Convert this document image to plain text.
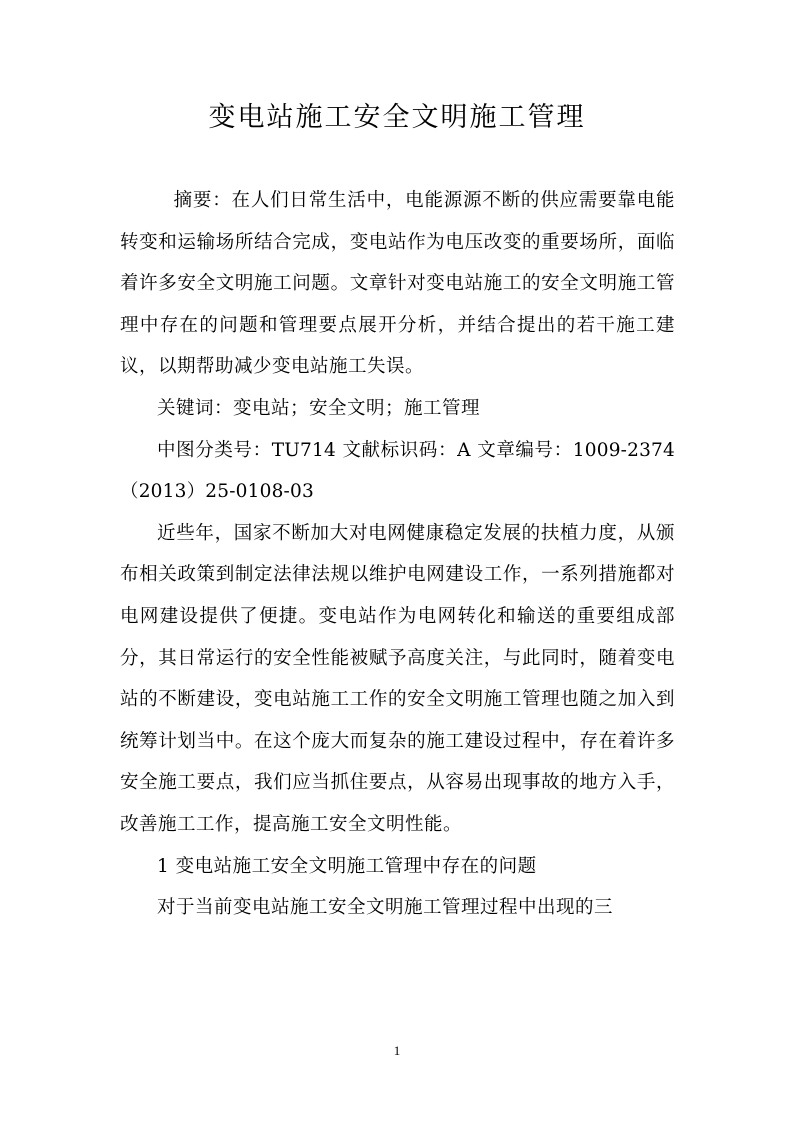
变电站施工安全文明施工管理

摘要：在人们日常生活中，电能源源不断的供应需要靠电能转变和运输场所结合完成，变电站作为电压改变的重要场所，面临着许多安全文明施工问题。文章针对变电站施工的安全文明施工管理中存在的问题和管理要点展开分析，并结合提出的若干施工建议，以期帮助减少变电站施工失误。

关键词：变电站；安全文明；施工管理

中图分类号：TU714 文献标识码：A 文章编号：1009-2374（2013）25-0108-03

近些年，国家不断加大对电网健康稳定发展的扶植力度，从颁布相关政策到制定法律法规以维护电网建设工作，一系列措施都对电网建设提供了便捷。变电站作为电网转化和输送的重要组成部分，其日常运行的安全性能被赋予高度关注，与此同时，随着变电站的不断建设，变电站施工工作的安全文明施工管理也随之加入到统筹计划当中。在这个庞大而复杂的施工建设过程中，存在着许多安全施工要点，我们应当抓住要点，从容易出现事故的地方入手，改善施工工作，提高施工安全文明性能。

1 变电站施工安全文明施工管理中存在的问题

对于当前变电站施工安全文明施工管理过程中出现的三

1
